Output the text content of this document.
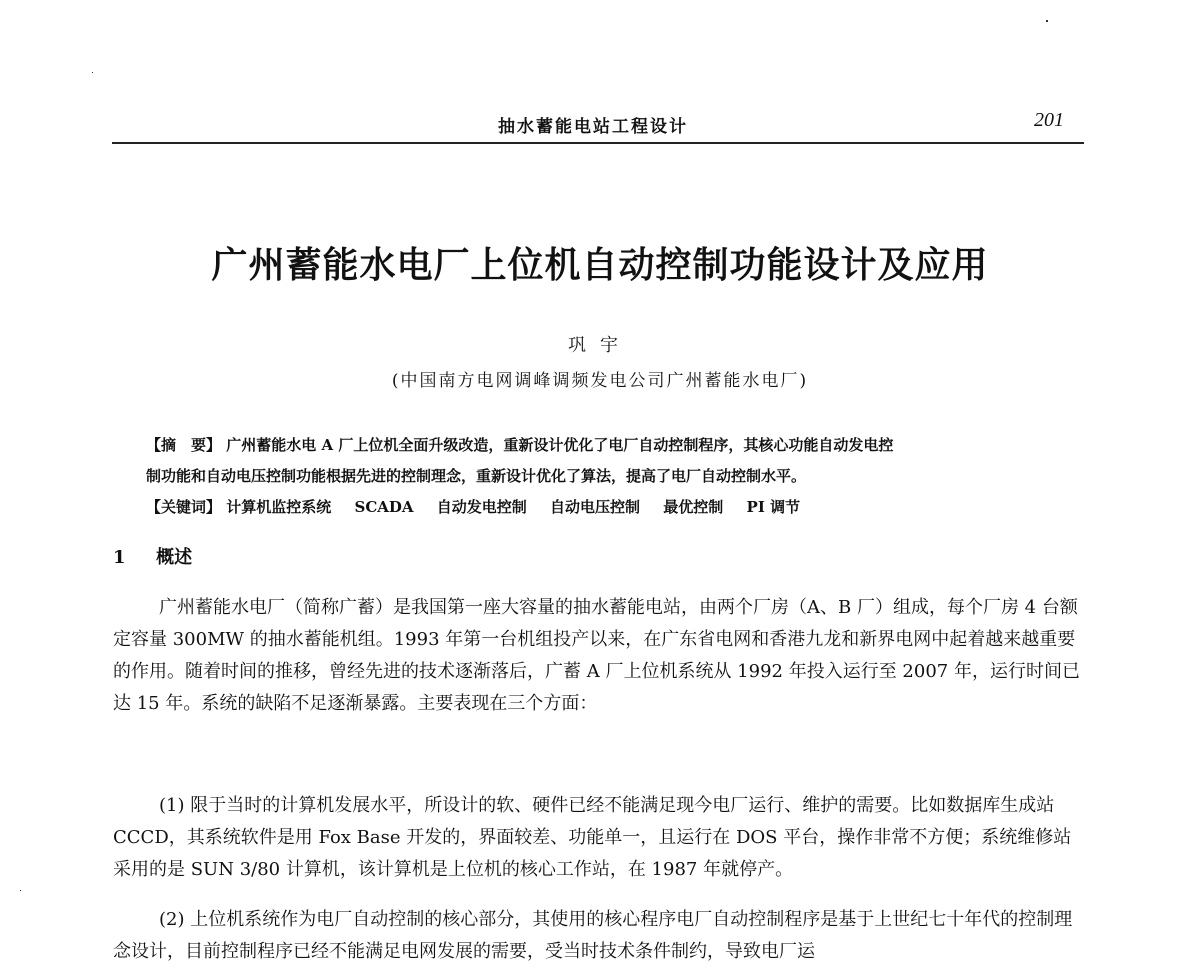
抽水蓄能电站工程设计	201
广州蓄能水电厂上位机自动控制功能设计及应用
巩宇
(中国南方电网调峰调频发电公司广州蓄能水电厂)
【摘　要】 广州蓄能水电 A 厂上位机全面升级改造，重新设计优化了电厂自动控制程序，其核心功能自动发电控
制功能和自动电压控制功能根据先进的控制理念，重新设计优化了算法，提高了电厂自动控制水平。
【关键词】 计算机监控系统 SCADA 自动发电控制 自动电压控制 最优控制 PI 调节
1 概述
广州蓄能水电厂（简称广蓄）是我国第一座大容量的抽水蓄能电站，由两个厂房（A、B 厂）组成，每个厂房 4 台额定容量 300MW 的抽水蓄能机组。1993 年第一台机组投产以来，在广东省电网和香港九龙和新界电网中起着越来越重要的作用。随着时间的推移，曾经先进的技术逐渐落后，广蓄 A 厂上位机系统从 1992 年投入运行至 2007 年，运行时间已达 15 年。系统的缺陷不足逐渐暴露。主要表现在三个方面：
(1) 限于当时的计算机发展水平，所设计的软、硬件已经不能满足现今电厂运行、维护的需要。比如数据库生成站 CCCD，其系统软件是用 Fox Base 开发的，界面较差、功能单一，且运行在 DOS 平台，操作非常不方便；系统维修站采用的是 SUN 3/80 计算机，该计算机是上位机的核心工作站，在 1987 年就停产。
(2) 上位机系统作为电厂自动控制的核心部分，其使用的核心程序电厂自动控制程序是基于上世纪七十年代的控制理念设计，目前控制程序已经不能满足电网发展的需要，受当时技术条件制约，导致电厂运
